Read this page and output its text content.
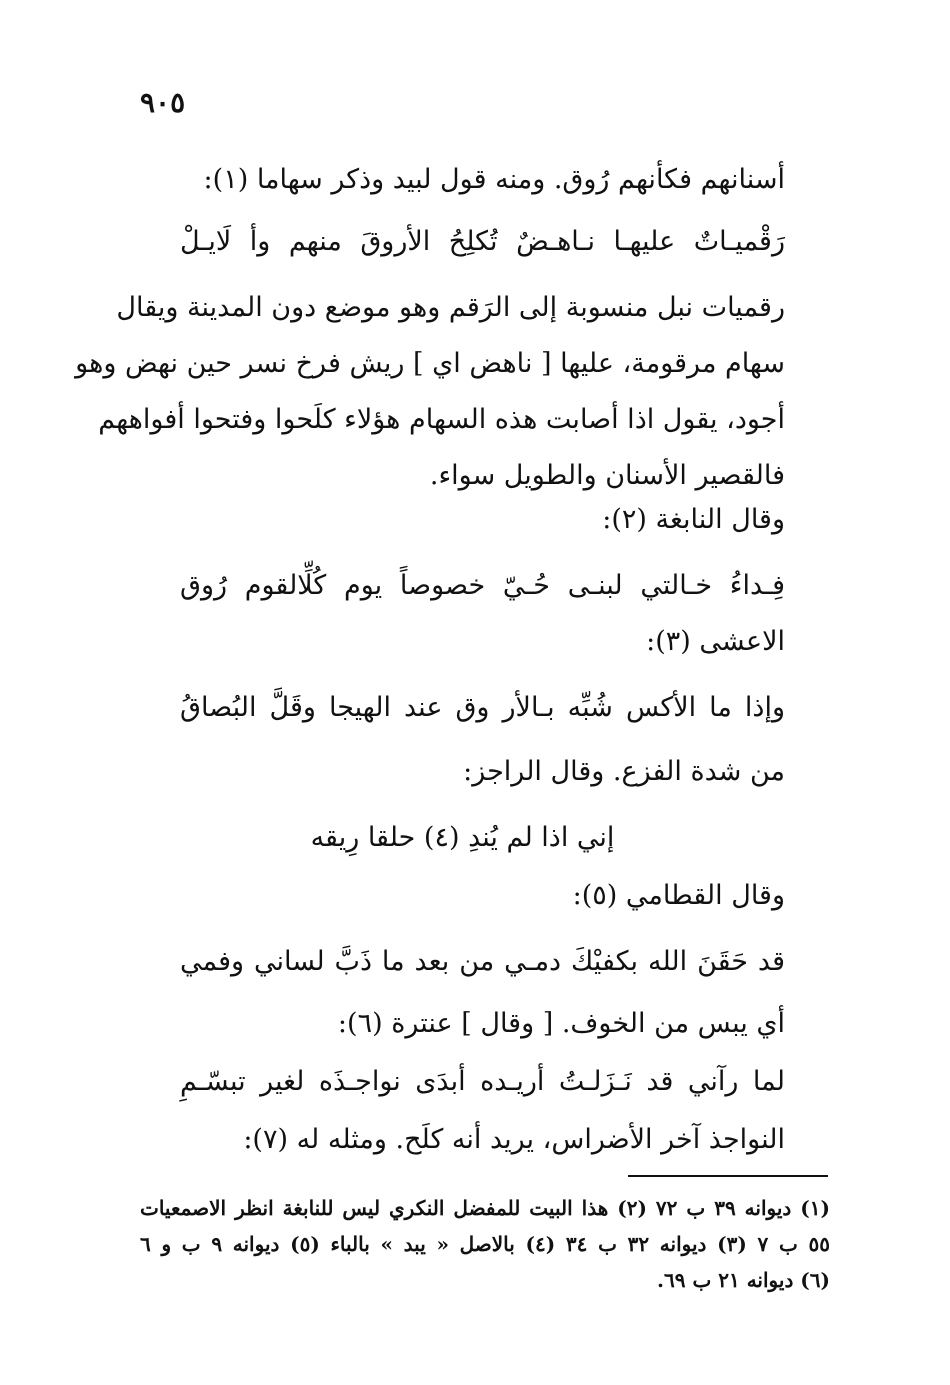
٩٠٥
أسنانهم فكأنهم رُوق. ومنه قول لبيد وذكر سهاما (١):
رَقْميـاتٌ عليهـا نـاهـضٌ تُكلِحُ الأروقَ منهم وأ لَايـلْ
رقميات نبل منسوبة إلى الرَقم وهو موضع دون المدينة ويقال
سهام مرقومة، عليها [ ناهض اي ] ريش فرخ نسر حين نهض وهو
أجود، يقول اذا أصابت هذه السهام هؤلاء كلَحوا وفتحوا أفواههم
فالقصير الأسنان والطويل سواء.
وقال النابغة (٢):
فِـداءُ خـالتي لبنـى حُـيّ خصوصاً يوم كُلِّالقوم رُوق
الاعشى (٣):
وإذا ما الأكس شُبِّه بـالأر وق عند الهيجا وقَلَّ البُصاقُ
من شدة الفزع. وقال الراجز:
إني اذا لم يُندِ (٤) حلقا رِيقه
وقال القطامي (٥):
قد حَقَنَ الله بكفيْكَ دمـي من بعد ما ذَبَّ لساني وفمي
أي يبس من الخوف. [ وقال ] عنترة (٦):
لما رآني قد نَـزَلـتُ أريـده أبدَى نواجـذَه لغير تبسّـمِ
النواجذ آخر الأضراس، يريد أنه كلَح. ومثله له (٧):
(١) ديوانه ٣٩ ب ٧٢ (٢) هذا البيت للمفضل النكري ليس للنابغة انظر الاصمعيات
٥٥ ب ٧ (٣) ديوانه ٣٢ ب ٣٤ (٤) بالاصل « يبد » بالباء (٥) ديوانه ٩ ب و ٦
(٦) ديوانه ٢١ ب ٦٩.
